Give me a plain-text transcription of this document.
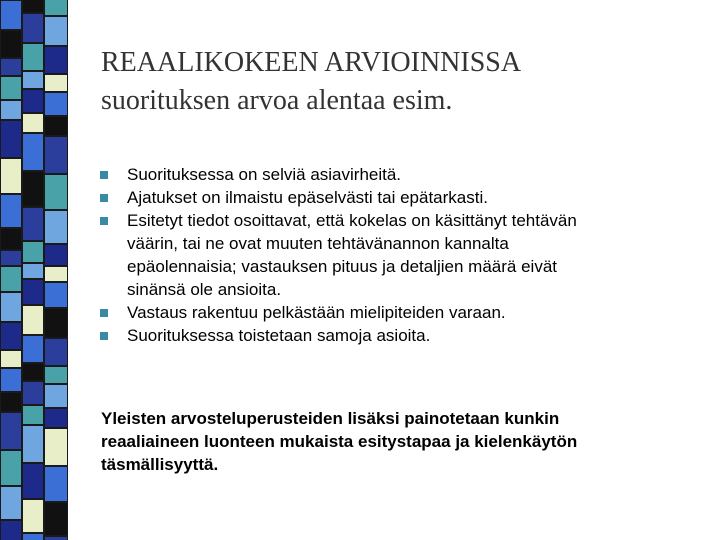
REAALIKOKEEN ARVIOINNISSA
suorituksen arvoa alentaa esim.
Suorituksessa on selviä asiavirheitä.
Ajatukset on ilmaistu epäselvästi tai epätarkasti.
Esitetyt tiedot osoittavat, että kokelas on käsittänyt tehtävän
väärin, tai ne ovat muuten tehtävänannon kannalta
epäolennaisia; vastauksen pituus ja detaljien määrä eivät
sinänsä ole ansioita.
Vastaus rakentuu pelkästään mielipiteiden varaan.
Suorituksessa toistetaan samoja asioita.
Yleisten arvosteluperusteiden lisäksi painotetaan kunkin
reaaliaineen luonteen mukaista esitystapaa ja kielenkäytön
täsmällisyyttä.
